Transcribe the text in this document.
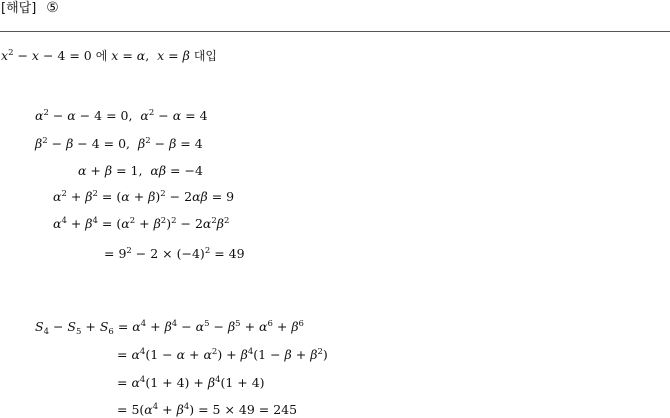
[해답] ⑤
$x^2 - x - 4 = 0$ 에 x = α,  x = β 대입
$\alpha^2 - \alpha - 4 = 0$,  $\alpha^2 - \alpha = 4$
$\beta^2 - \beta - 4 = 0$,  $\beta^2 - \beta = 4$
α + β = 1,  αβ = −4
$\alpha^2 + \beta^2 = (\alpha + \beta)^2 - 2\alpha\beta = 9$
$\alpha^4 + \beta^4 = (\alpha^2 + \beta^2)^2 - 2\alpha^2\beta^2$
= $9^2 - 2 \times (-4)^2 = 49$
$S_4 - S_5 + S_6 = \alpha^4 + \beta^4 - \alpha^5 - \beta^5 + \alpha^6 + \beta^6$
= $\alpha^4(1 - \alpha + \alpha^2) + \beta^4(1 - \beta + \beta^2)$
= $\alpha^4(1 + 4) + \beta^4(1 + 4)$
= $5(\alpha^4 + \beta^4) = 5 \times 49 = 245$
